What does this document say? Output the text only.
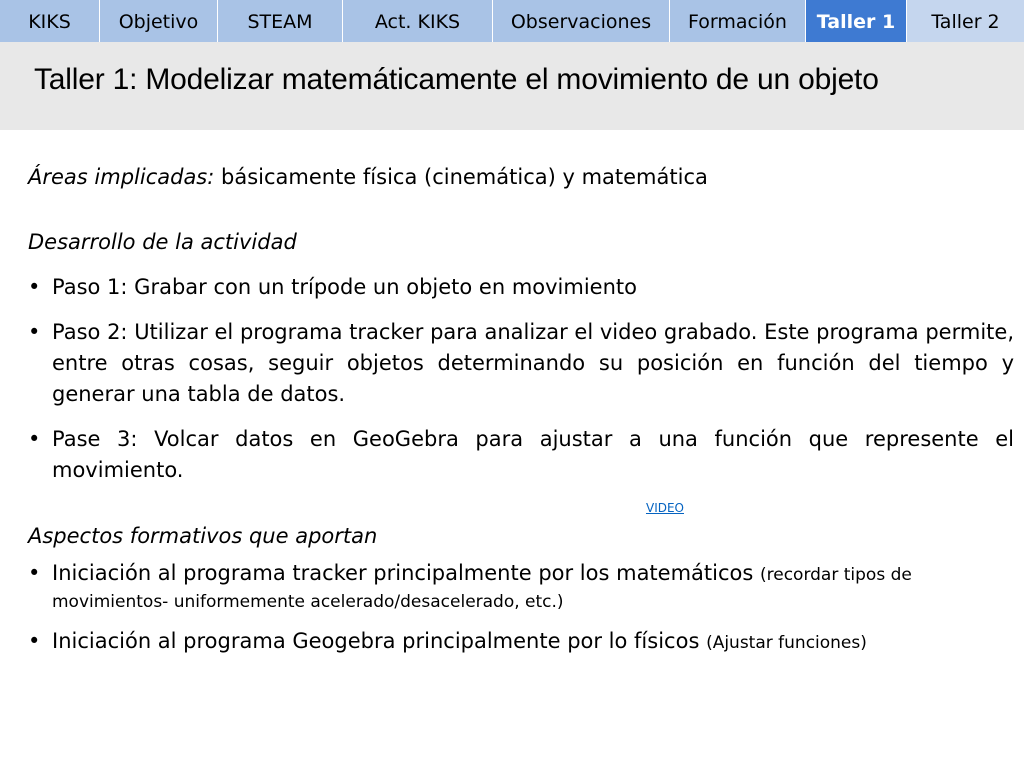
KIKS	Objetivo	STEAM	Act. KIKS	Observaciones	Formación	Taller 1	Taller 2
Taller 1: Modelizar matemáticamente el movimiento de un objeto

Áreas implicadas: básicamente física (cinemática) y matemática

Desarrollo de la actividad

• Paso 1: Grabar con un trípode un objeto en movimiento
• Paso 2: Utilizar el programa tracker para analizar el video grabado. Este programa permite, entre otras cosas, seguir objetos determinando su posición en función del tiempo y generar una tabla de datos.
• Pase 3: Volcar datos en GeoGebra para ajustar a una función que represente el movimiento.
VIDEO

Aspectos formativos que aportan

• Iniciación al programa tracker principalmente por los matemáticos (recordar tipos de movimientos- uniformemente acelerado/desacelerado, etc.)
• Iniciación al programa Geogebra principalmente por lo físicos (Ajustar funciones)
